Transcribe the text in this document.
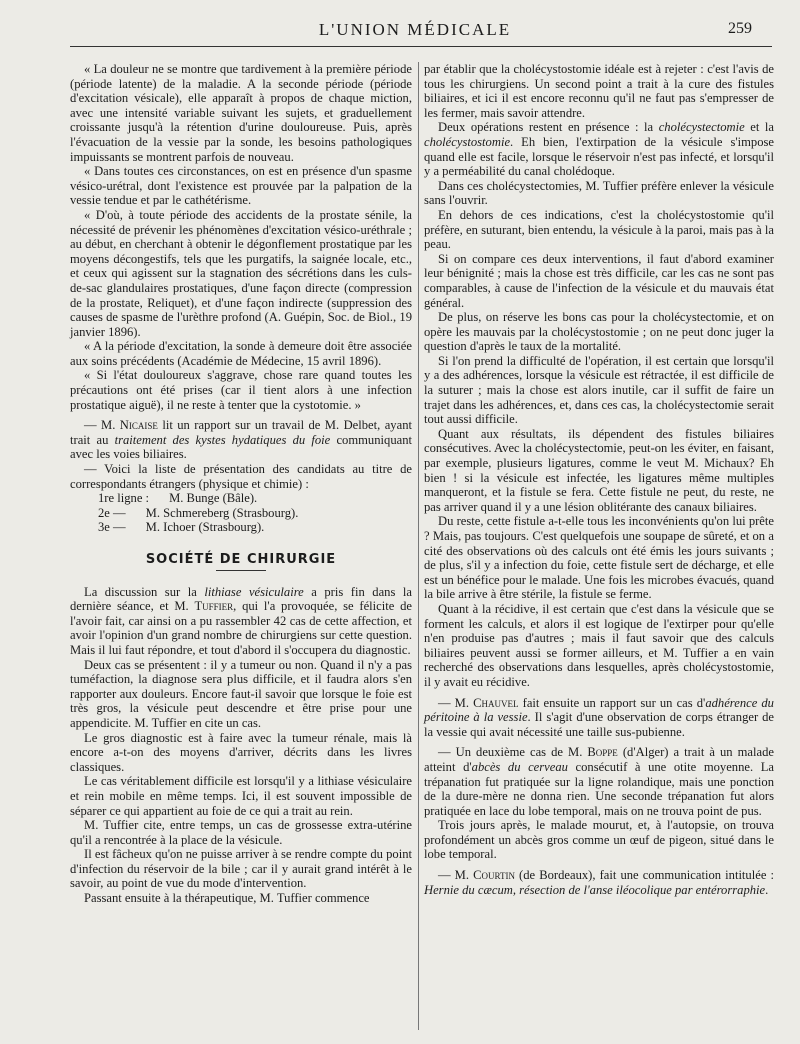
L'UNION MÉDICALE	259

« La douleur ne se montre que tardivement à la première période (période latente) de la maladie. A la seconde période (période d'excitation vésicale), elle apparaît à propos de chaque miction, avec une intensité variable suivant les sujets, et graduellement croissante jusqu'à la rétention d'urine douloureuse. Puis, après l'évacuation de la vessie par la sonde, les besoins pathologiques impuissants se montrent parfois de nouveau.

« Dans toutes ces circonstances, on est en présence d'un spasme vésico-urétral, dont l'existence est prouvée par la palpation de la vessie tendue et par le cathétérisme.

« D'où, à toute période des accidents de la prostate sénile, la nécessité de prévenir les phénomènes d'excitation vésico-uréthrale ; au début, en cherchant à obtenir le dégonflement prostatique par les moyens décongestifs, tels que les purgatifs, la saignée locale, etc., et ceux qui agissent sur la stagnation des sécrétions dans les culs-de-sac glandulaires prostatiques, d'une façon directe (compression de la prostate, Reliquet), et d'une façon indirecte (suppression des causes de spasme de l'urèthre profond (A. Guépin, Soc. de Biol., 19 janvier 1896).

« A la période d'excitation, la sonde à demeure doit être associée aux soins précédents (Académie de Médecine, 15 avril 1896).

« Si l'état douloureux s'aggrave, chose rare quand toutes les précautions ont été prises (car il tient alors à une infection prostatique aiguë), il ne reste à tenter que la cystotomie. »

— M. Nicaise lit un rapport sur un travail de M. Delbet, ayant trait au traitement des kystes hydatiques du foie communiquant avec les voies biliaires.

— Voici la liste de présentation des candidats au titre de correspondants étrangers (physique et chimie) :

1re ligne :	M. Bunge (Bâle).

2e —	M. Schmereberg (Strasbourg).

3e —	M. Ichoer (Strasbourg).

SOCIÉTÉ DE CHIRURGIE

La discussion sur la lithiase vésiculaire a pris fin dans la dernière séance, et M. Tuffier, qui l'a provoquée, se félicite de l'avoir fait, car ainsi on a pu rassembler 42 cas de cette affection, et avoir l'opinion d'un grand nombre de chirurgiens sur cette question. Mais il lui faut répondre, et tout d'abord il s'occupera du diagnostic.

Deux cas se présentent : il y a tumeur ou non. Quand il n'y a pas tuméfaction, la diagnose sera plus difficile, et il faudra alors s'en rapporter aux douleurs. Encore faut-il savoir que lorsque le foie est très gros, la vésicule peut descendre et être prise pour une appendicite. M. Tuffier en cite un cas.

Le gros diagnostic est à faire avec la tumeur rénale, mais là encore a-t-on des moyens d'arriver, décrits dans les livres classiques.

Le cas véritablement difficile est lorsqu'il y a lithiase vésiculaire et rein mobile en même temps. Ici, il est souvent impossible de séparer ce qui appartient au foie de ce qui a trait au rein.

M. Tuffier cite, entre temps, un cas de grossesse extra-utérine qu'il a rencontrée à la place de la vésicule.

Il est fâcheux qu'on ne puisse arriver à se rendre compte du point d'infection du réservoir de la bile ; car il y aurait grand intérêt à le savoir, au point de vue du mode d'intervention.

Passant ensuite à la thérapeutique, M. Tuffier commence

par établir que la cholécystostomie idéale est à rejeter : c'est l'avis de tous les chirurgiens. Un second point a trait à la cure des fistules biliaires, et ici il est encore reconnu qu'il ne faut pas s'empresser de les fermer, mais savoir attendre.

Deux opérations restent en présence : la cholécystectomie et la cholécystostomie. Eh bien, l'extirpation de la vésicule s'impose quand elle est facile, lorsque le réservoir n'est pas infecté, et lorsqu'il y a perméabilité du canal cholédoque.

Dans ces cholécystectomies, M. Tuffier préfère enlever la vésicule sans l'ouvrir.

En dehors de ces indications, c'est la cholécystostomie qu'il préfère, en suturant, bien entendu, la vésicule à la paroi, mais pas à la peau.

Si on compare ces deux interventions, il faut d'abord examiner leur bénignité ; mais la chose est très difficile, car les cas ne sont pas comparables, à cause de l'infection de la vésicule et du mauvais état général.

De plus, on réserve les bons cas pour la cholécystectomie, et on opère les mauvais par la cholécystostomie ; on ne peut donc juger la question d'après le taux de la mortalité.

Si l'on prend la difficulté de l'opération, il est certain que lorsqu'il y a des adhérences, lorsque la vésicule est rétractée, il est difficile de la suturer ; mais la chose est alors inutile, car il suffit de faire un trajet dans les adhérences, et, dans ces cas, la cholécystectomie serait tout aussi difficile.

Quant aux résultats, ils dépendent des fistules biliaires consécutives. Avec la cholécystectomie, peut-on les éviter, en faisant, par exemple, plusieurs ligatures, comme le veut M. Michaux? Eh bien ! si la vésicule est infectée, les ligatures même multiples manqueront, et la fistule se fera. Cette fistule ne peut, du reste, ne pas arriver quand il y a une lésion oblitérante des canaux biliaires.

Du reste, cette fistule a-t-elle tous les inconvénients qu'on lui prête ? Mais, pas toujours. C'est quelquefois une soupape de sûreté, et on a cité des observations où des calculs ont été émis les jours suivants ; de plus, s'il y a infection du foie, cette fistule sert de décharge, et elle est un bénéfice pour le malade. Une fois les microbes évacués, quand la bile arrive à être stérile, la fistule se ferme.

Quant à la récidive, il est certain que c'est dans la vésicule que se forment les calculs, et alors il est logique de l'extirper pour qu'elle n'en produise pas d'autres ; mais il faut savoir que des calculs biliaires peuvent aussi se former ailleurs, et M. Tuffier a en vain recherché des observations dans lesquelles, après cholécystostomie, il y avait eu récidive.

— M. Chauvel fait ensuite un rapport sur un cas d'adhérence du péritoine à la vessie. Il s'agit d'une observation de corps étranger de la vessie qui avait nécessité une taille sus-pubienne.

— Un deuxième cas de M. Boppe (d'Alger) a trait à un malade atteint d'abcès du cerveau consécutif à une otite moyenne. La trépanation fut pratiquée sur la ligne rolandique, mais une ponction de la dure-mère ne donna rien. Une seconde trépanation fut alors pratiquée en lace du lobe temporal, mais on ne trouva point de pus.

Trois jours après, le malade mourut, et, à l'autopsie, on trouva profondément un abcès gros comme un œuf de pigeon, situé dans le lobe temporal.

— M. Courtin (de Bordeaux), fait une communication intitulée : Hernie du cæcum, résection de l'anse iléocolique par entérorraphie.
